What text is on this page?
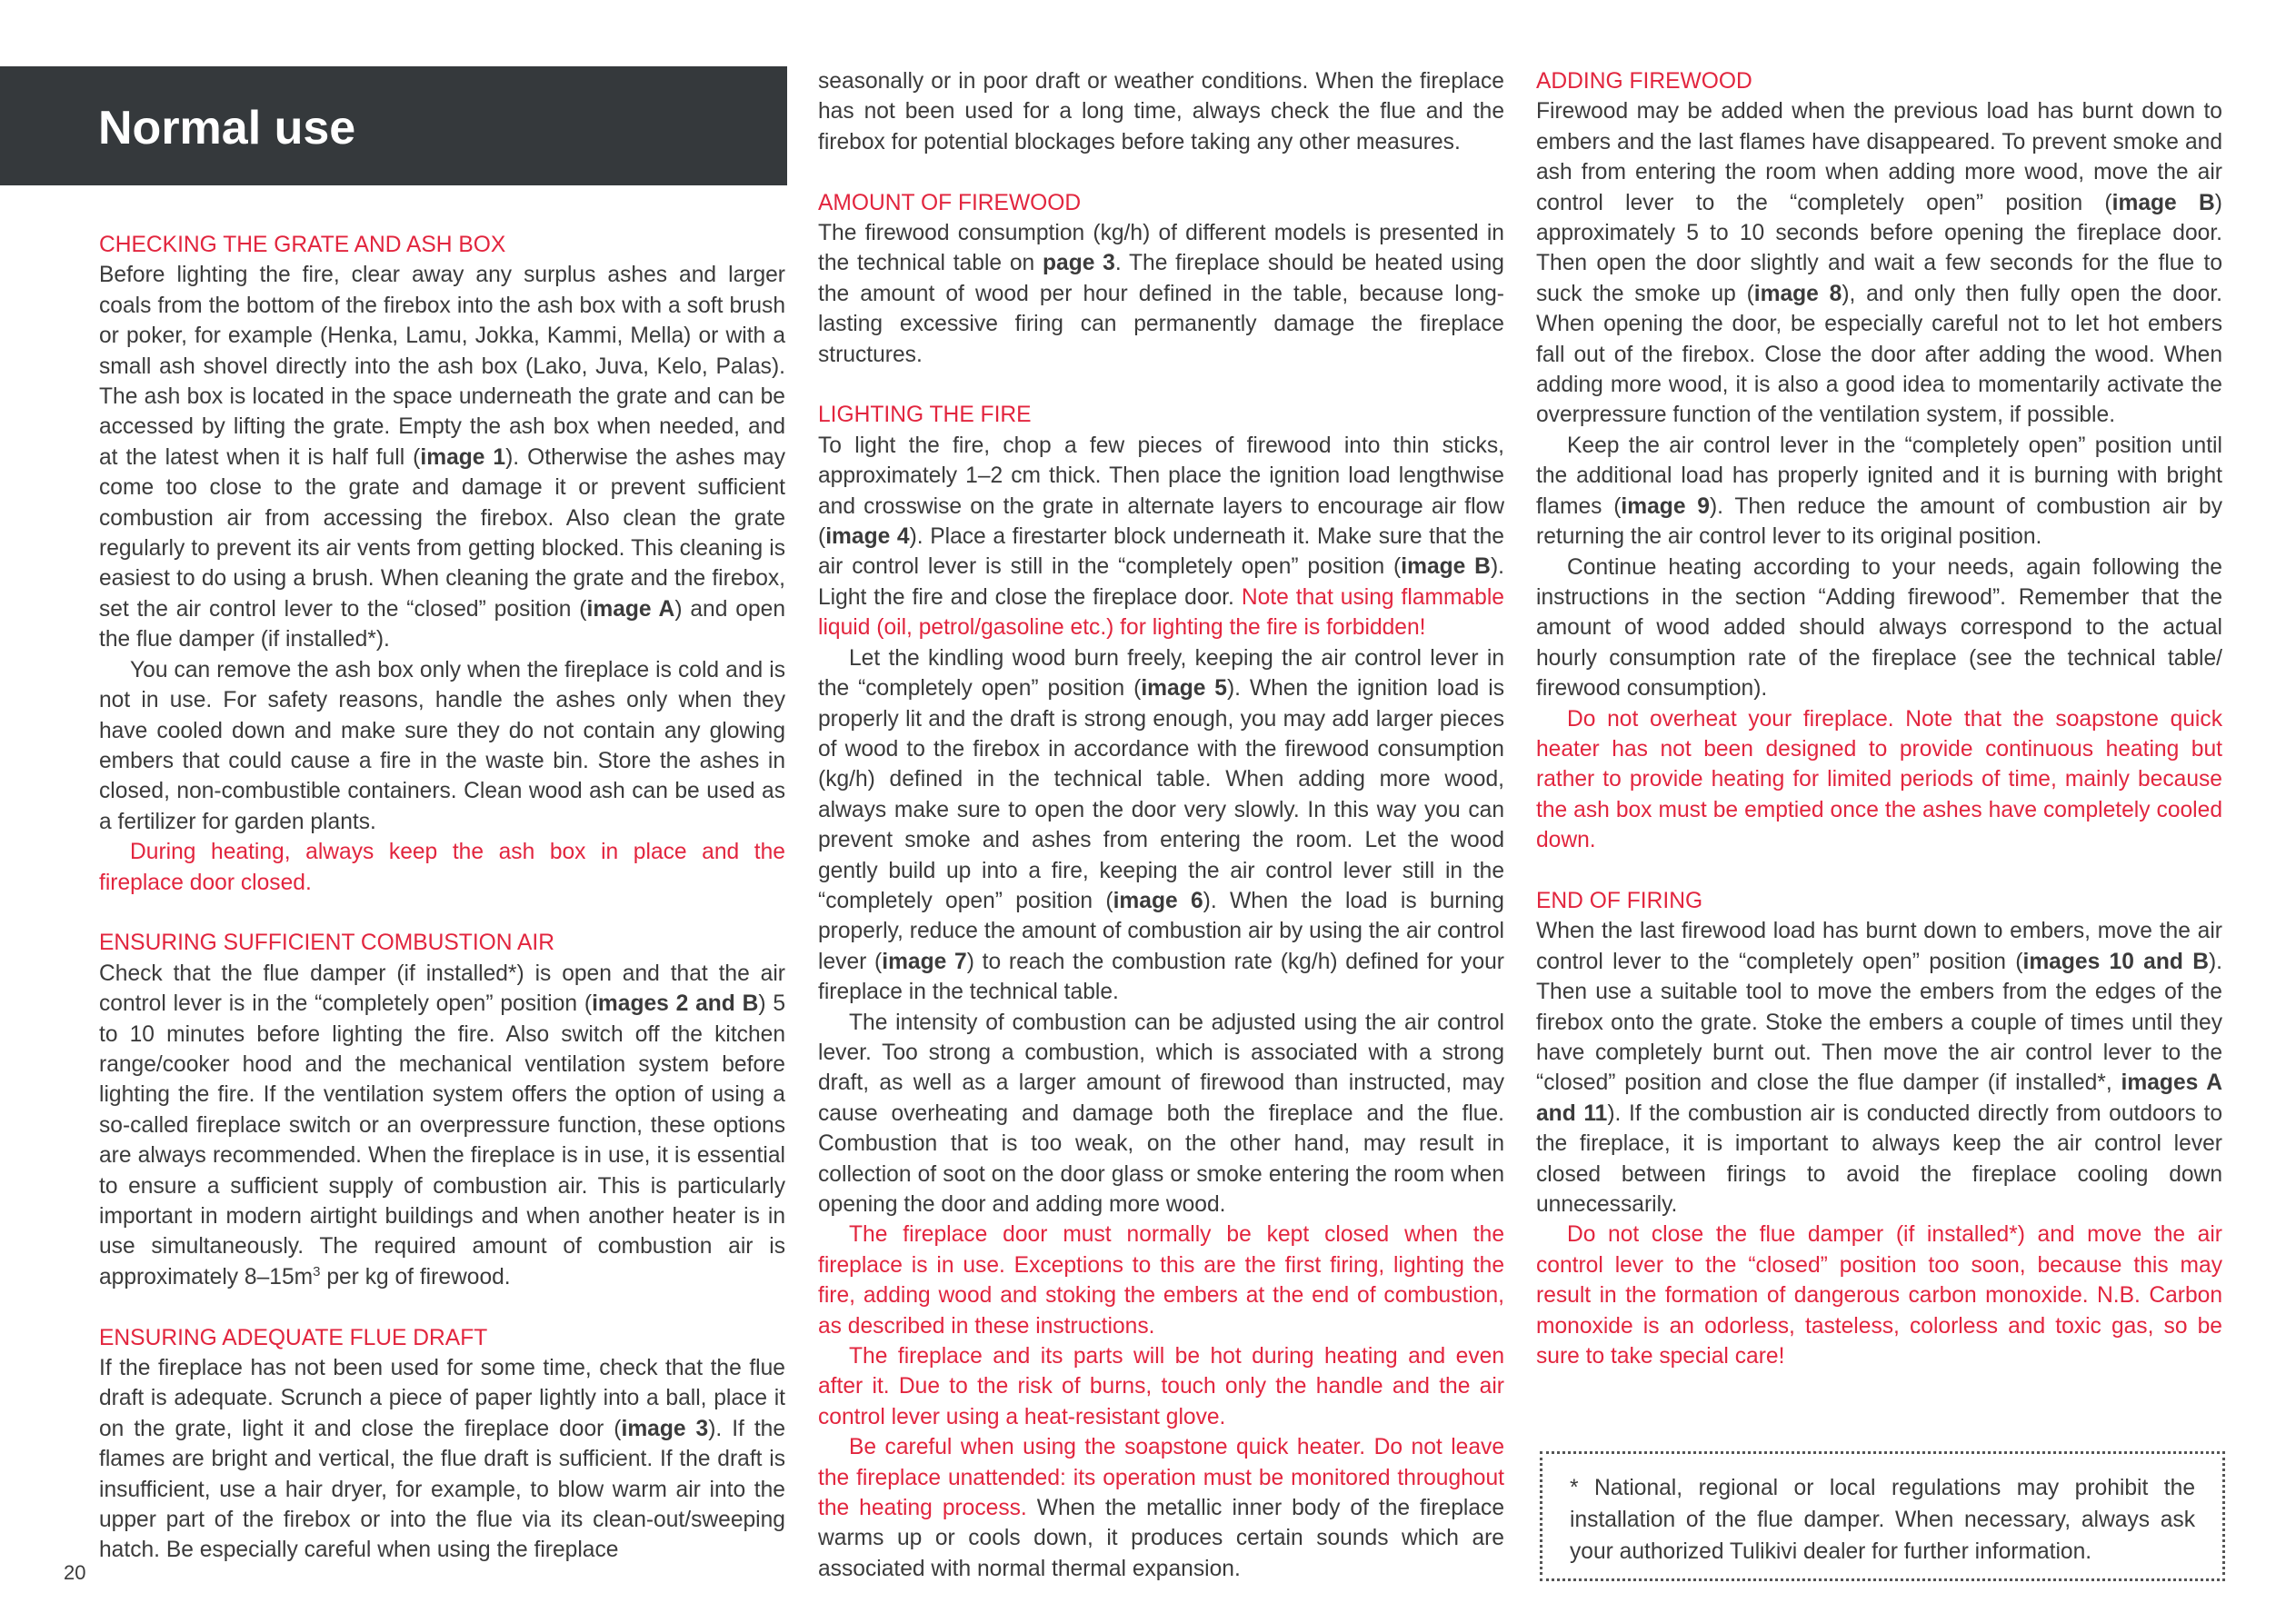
Normal use
CHECKING THE GRATE AND ASH BOX

Before lighting the fire, clear away any surplus ashes and larger coals from the bottom of the firebox into the ash box with a soft brush or poker, for example (Henka, Lamu, Jokka, Kammi, Mella) or with a small ash shovel directly into the ash box (Lako, Juva, Kelo, Palas). The ash box is located in the space underneath the grate and can be accessed by lifting the grate. Empty the ash box when needed, and at the latest when it is half full (image 1). Otherwise the ashes may come too close to the grate and damage it or prevent sufficient combustion air from accessing the firebox. Also clean the grate regularly to prevent its air vents from getting blocked. This cleaning is easiest to do using a brush. When cleaning the grate and the firebox, set the air control lever to the “closed” position (image A) and open the flue damper (if installed*).

You can remove the ash box only when the fireplace is cold and is not in use. For safety reasons, handle the ashes only when they have cooled down and make sure they do not contain any glowing embers that could cause a fire in the waste bin. Store the ashes in closed, non-combustible containers. Clean wood ash can be used as a fertilizer for garden plants.

During heating, always keep the ash box in place and the fireplace door closed.

ENSURING SUFFICIENT COMBUSTION AIR

Check that the flue damper (if installed*) is open and that the air control lever is in the “completely open” position (images 2 and B) 5 to 10 minutes before lighting the fire. Also switch off the kitchen range/cooker hood and the mechanical ventilation system before lighting the fire. If the ventilation system offers the option of using a so-called fireplace switch or an overpressure function, these options are always recommended. When the fireplace is in use, it is essential to ensure a sufficient supply of combustion air. This is particularly important in modern airtight buildings and when another heater is in use simultaneously. The required amount of combustion air is approximately $8-15m^3$ per kg of firewood.

ENSURING ADEQUATE FLUE DRAFT

If the fireplace has not been used for some time, check that the flue draft is adequate. Scrunch a piece of paper lightly into a ball, place it on the grate, light it and close the fireplace door (image 3). If the flames are bright and vertical, the flue draft is sufficient. If the draft is insufficient, use a hair dryer, for example, to blow warm air into the upper part of the firebox or into the flue via its clean-out/sweeping hatch. Be especially careful when using the fireplace

seasonally or in poor draft or weather conditions. When the fireplace has not been used for a long time, always check the flue and the firebox for potential blockages before taking any other measures.

AMOUNT OF FIREWOOD

The firewood consumption (kg/h) of different models is presented in the technical table on page 3. The fireplace should be heated using the amount of wood per hour defined in the table, because long-lasting excessive firing can permanently damage the fireplace structures.

LIGHTING THE FIRE

To light the fire, chop a few pieces of firewood into thin sticks, approximately 1–2 cm thick. Then place the ignition load lengthwise and crosswise on the grate in alternate layers to encourage air flow (image 4). Place a firestarter block underneath it. Make sure that the air control lever is still in the “completely open” position (image B). Light the fire and close the fireplace door. Note that using flammable liquid (oil, petrol/gasoline etc.) for lighting the fire is forbidden!

Let the kindling wood burn freely, keeping the air control lever in the “completely open” position (image 5). When the ignition load is properly lit and the draft is strong enough, you may add larger pieces of wood to the firebox in accordance with the firewood consumption (kg/h) defined in the technical table. When adding more wood, always make sure to open the door very slowly. In this way you can prevent smoke and ashes from entering the room. Let the wood gently build up into a fire, keeping the air control lever still in the “completely open” position (image 6). When the load is burning properly, reduce the amount of combustion air by using the air control lever (image 7) to reach the combustion rate (kg/h) defined for your fireplace in the technical table.

The intensity of combustion can be adjusted using the air control lever. Too strong a combustion, which is associated with a strong draft, as well as a larger amount of firewood than instructed, may cause overheating and damage both the fireplace and the flue. Combustion that is too weak, on the other hand, may result in collection of soot on the door glass or smoke entering the room when opening the door and adding more wood.

The fireplace door must normally be kept closed when the fireplace is in use. Exceptions to this are the first firing, lighting the fire, adding wood and stoking the embers at the end of combustion, as described in these instructions.

The fireplace and its parts will be hot during heating and even after it. Due to the risk of burns, touch only the handle and the air control lever using a heat-resistant glove.

Be careful when using the soapstone quick heater. Do not leave the fireplace unattended: its operation must be monitored throughout the heating process. When the metallic inner body of the fireplace warms up or cools down, it produces certain sounds which are associated with normal thermal expansion.

ADDING FIREWOOD

Firewood may be added when the previous load has burnt down to embers and the last flames have disappeared. To prevent smoke and ash from entering the room when adding more wood, move the air control lever to the “completely open” position (image B) approximately 5 to 10 seconds before opening the fireplace door. Then open the door slightly and wait a few seconds for the flue to suck the smoke up (image 8), and only then fully open the door. When opening the door, be especially careful not to let hot embers fall out of the firebox. Close the door after adding the wood. When adding more wood, it is also a good idea to momentarily activate the overpressure function of the ventilation system, if possible.

Keep the air control lever in the “completely open” position until the additional load has properly ignited and it is burning with bright flames (image 9). Then reduce the amount of combustion air by returning the air control lever to its original position.

Continue heating according to your needs, again following the instructions in the section “Adding firewood”. Remember that the amount of wood added should always correspond to the actual hourly consumption rate of the fireplace (see the technical table/ firewood consumption).

Do not overheat your fireplace. Note that the soapstone quick heater has not been designed to provide continuous heating but rather to provide heating for limited periods of time, mainly because the ash box must be emptied once the ashes have completely cooled down.

END OF FIRING

When the last firewood load has burnt down to embers, move the air control lever to the “completely open” position (images 10 and B). Then use a suitable tool to move the embers from the edges of the firebox onto the grate. Stoke the embers a couple of times until they have completely burnt out. Then move the air control lever to the “closed” position and close the flue damper (if installed*, images A and 11). If the combustion air is conducted directly from outdoors to the fireplace, it is important to always keep the air control lever closed between firings to avoid the fireplace cooling down unnecessarily.

Do not close the flue damper (if installed*) and move the air control lever to the “closed” position too soon, because this may result in the formation of dangerous carbon monoxide. N.B. Carbon monoxide is an odorless, tasteless, colorless and toxic gas, so be sure to take special care!

* National, regional or local regulations may prohibit the installation of the flue damper. When necessary, always ask your authorized Tulikivi dealer for further information.
20
